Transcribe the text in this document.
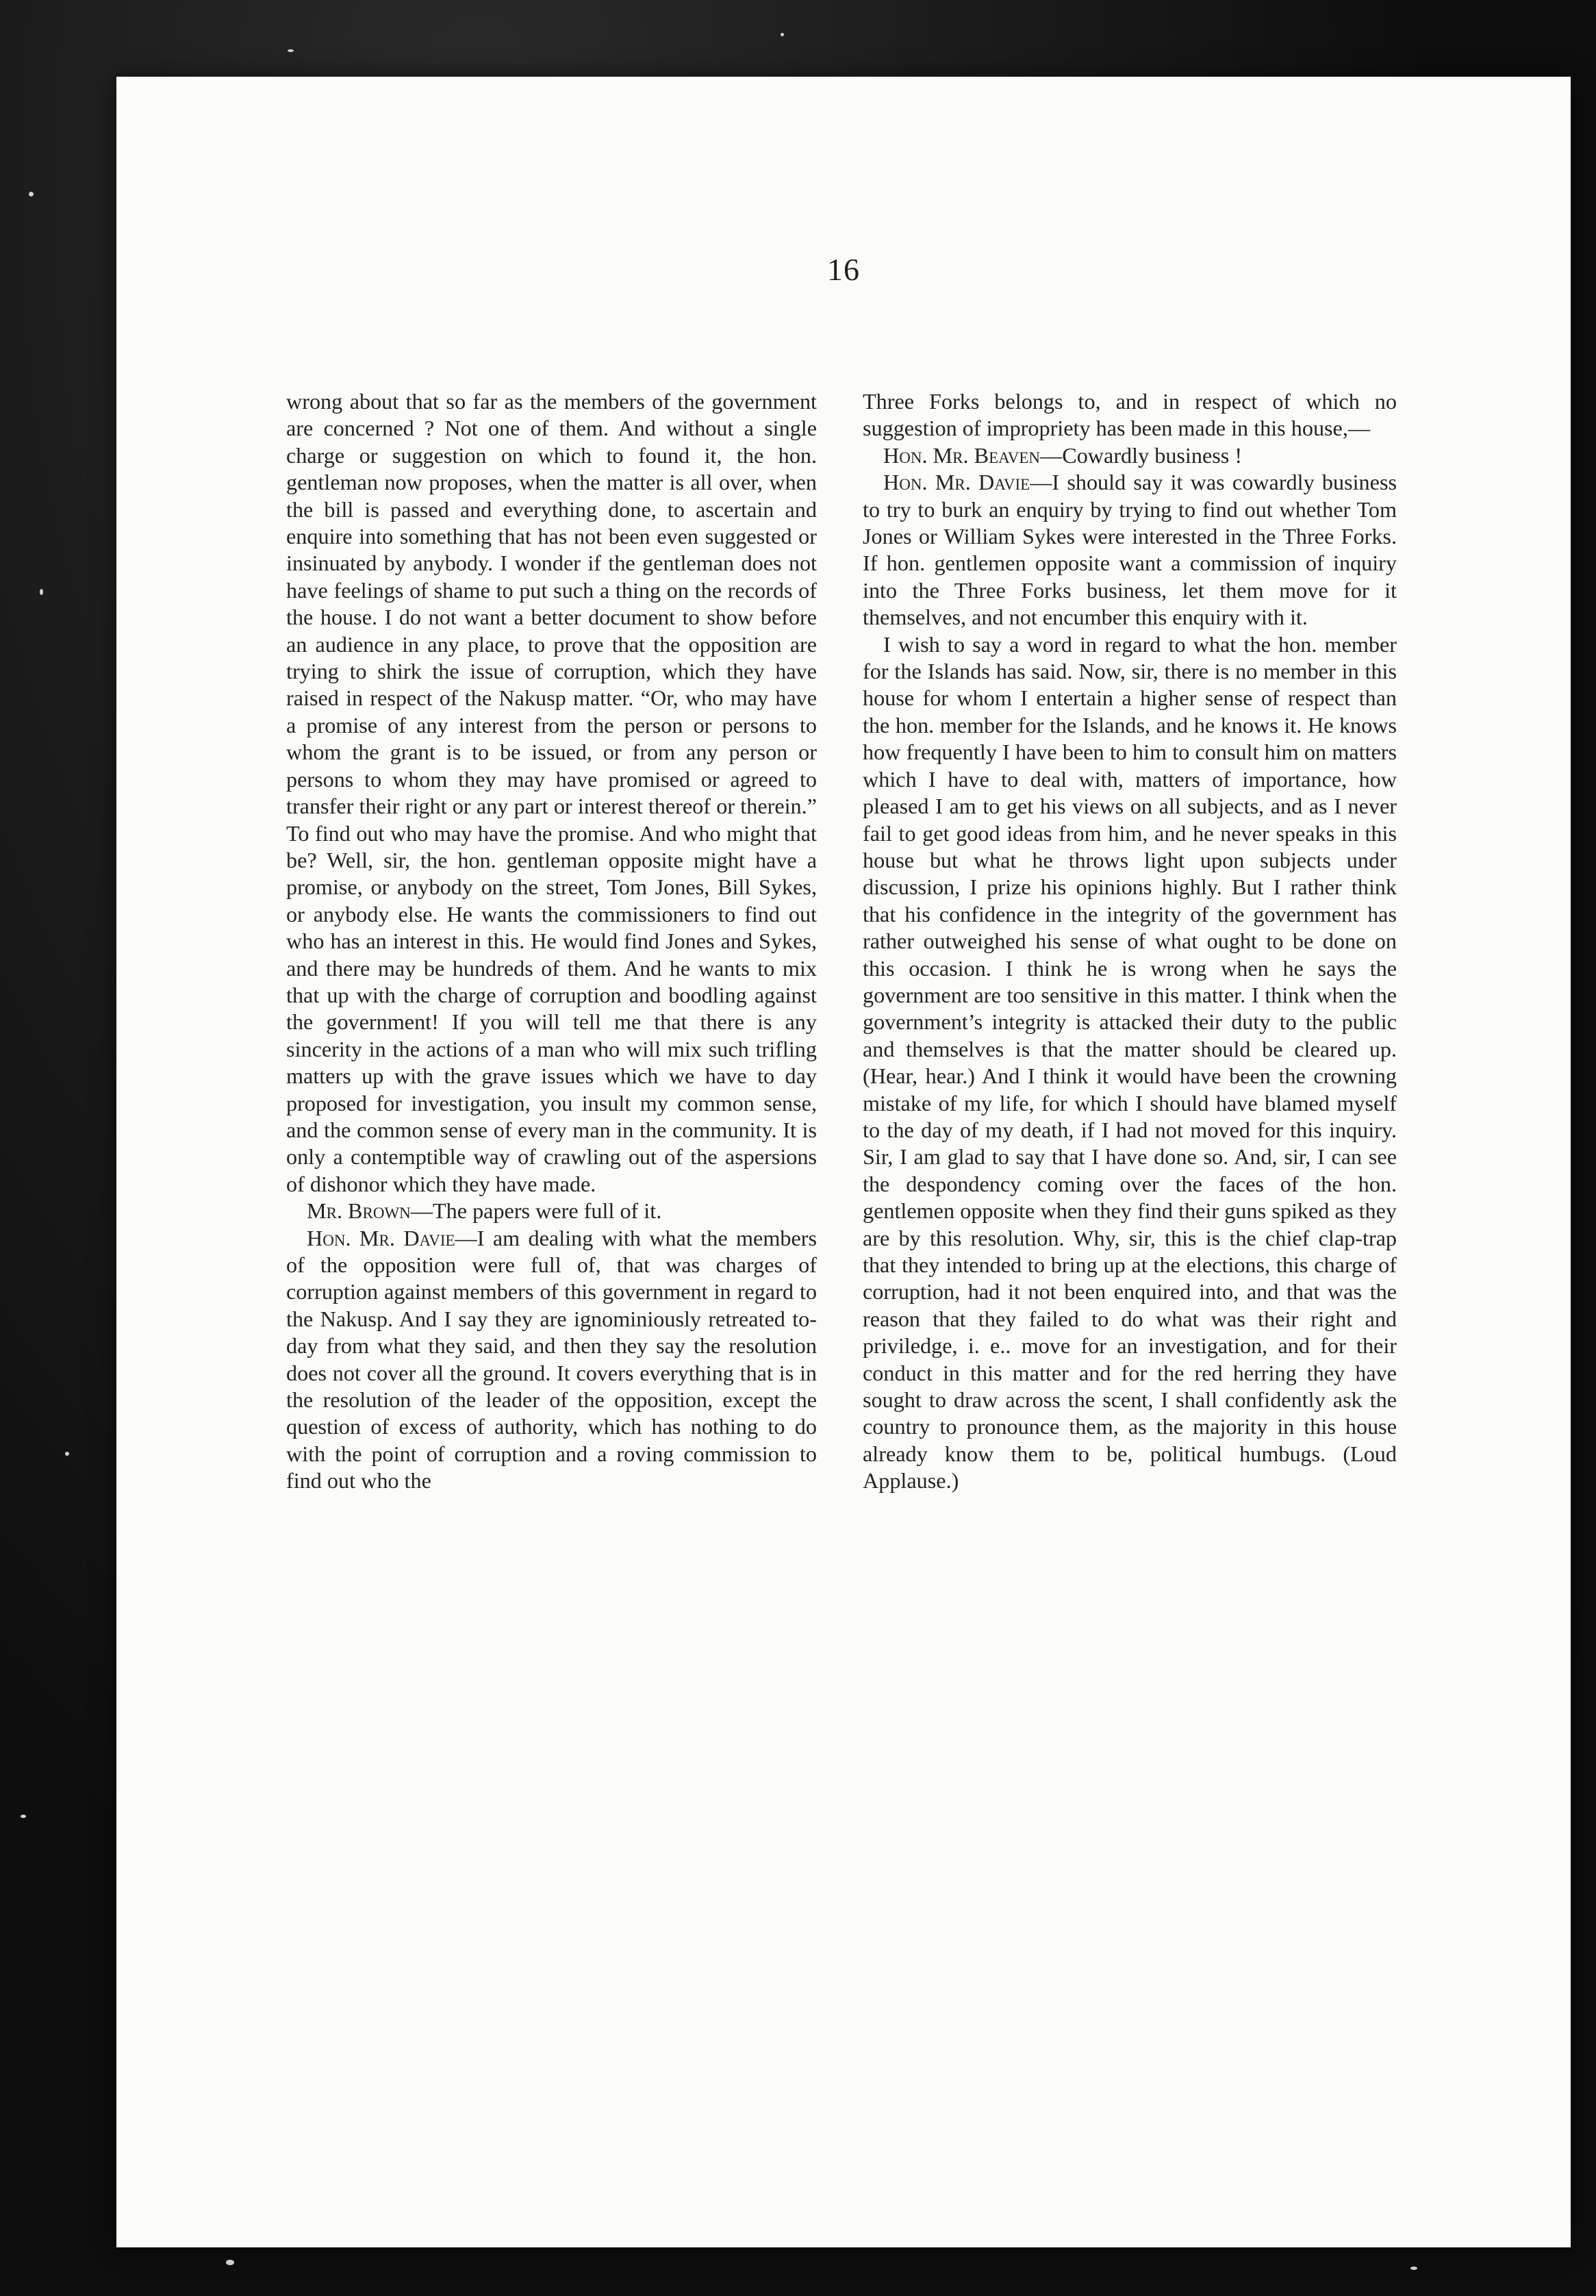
16

wrong about that so far as the members of the government are concerned ? Not one of them. And without a single charge or suggestion on which to found it, the hon. gentleman now proposes, when the matter is all over, when the bill is passed and everything done, to ascertain and enquire into something that has not been even suggested or insinuated by anybody. I wonder if the gentleman does not have feelings of shame to put such a thing on the records of the house. I do not want a better document to show before an audience in any place, to prove that the opposition are trying to shirk the issue of corruption, which they have raised in respect of the Nakusp matter. “Or, who may have a promise of any interest from the person or persons to whom the grant is to be issued, or from any person or persons to whom they may have promised or agreed to transfer their right or any part or interest thereof or therein.” To find out who may have the promise. And who might that be? Well, sir, the hon. gentleman opposite might have a promise, or anybody on the street, Tom Jones, Bill Sykes, or anybody else. He wants the commissioners to find out who has an interest in this. He would find Jones and Sykes, and there may be hundreds of them. And he wants to mix that up with the charge of corruption and boodling against the government! If you will tell me that there is any sincerity in the actions of a man who will mix such trifling matters up with the grave issues which we have to day proposed for investigation, you insult my common sense, and the common sense of every man in the community. It is only a contemptible way of crawling out of the aspersions of dishonor which they have made.

Mr. Brown—The papers were full of it.

Hon. Mr. Davie—I am dealing with what the members of the opposition were full of, that was charges of corruption against members of this government in regard to the Nakusp. And I say they are ignominiously retreated to-day from what they said, and then they say the resolution does not cover all the ground. It covers everything that is in the resolution of the leader of the opposition, except the question of excess of authority, which has nothing to do with the point of corruption and a roving commission to find out who the

Three Forks belongs to, and in respect of which no suggestion of impropriety has been made in this house,—

Hon. Mr. Beaven—Cowardly business !

Hon. Mr. Davie—I should say it was cowardly business to try to burk an enquiry by trying to find out whether Tom Jones or William Sykes were interested in the Three Forks. If hon. gentlemen opposite want a commission of inquiry into the Three Forks business, let them move for it themselves, and not encumber this enquiry with it.

I wish to say a word in regard to what the hon. member for the Islands has said. Now, sir, there is no member in this house for whom I entertain a higher sense of respect than the hon. member for the Islands, and he knows it. He knows how frequently I have been to him to consult him on matters which I have to deal with, matters of importance, how pleased I am to get his views on all subjects, and as I never fail to get good ideas from him, and he never speaks in this house but what he throws light upon subjects under discussion, I prize his opinions highly. But I rather think that his confidence in the integrity of the government has rather outweighed his sense of what ought to be done on this occasion. I think he is wrong when he says the government are too sensitive in this matter. I think when the government’s integrity is attacked their duty to the public and themselves is that the matter should be cleared up. (Hear, hear.) And I think it would have been the crowning mistake of my life, for which I should have blamed myself to the day of my death, if I had not moved for this inquiry. Sir, I am glad to say that I have done so. And, sir, I can see the despondency coming over the faces of the hon. gentlemen opposite when they find their guns spiked as they are by this resolution. Why, sir, this is the chief clap-trap that they intended to bring up at the elections, this charge of corruption, had it not been enquired into, and that was the reason that they failed to do what was their right and priviledge, i. e.. move for an investigation, and for their conduct in this matter and for the red herring they have sought to draw across the scent, I shall confidently ask the country to pronounce them, as the majority in this house already know them to be, political humbugs. (Loud Applause.)
